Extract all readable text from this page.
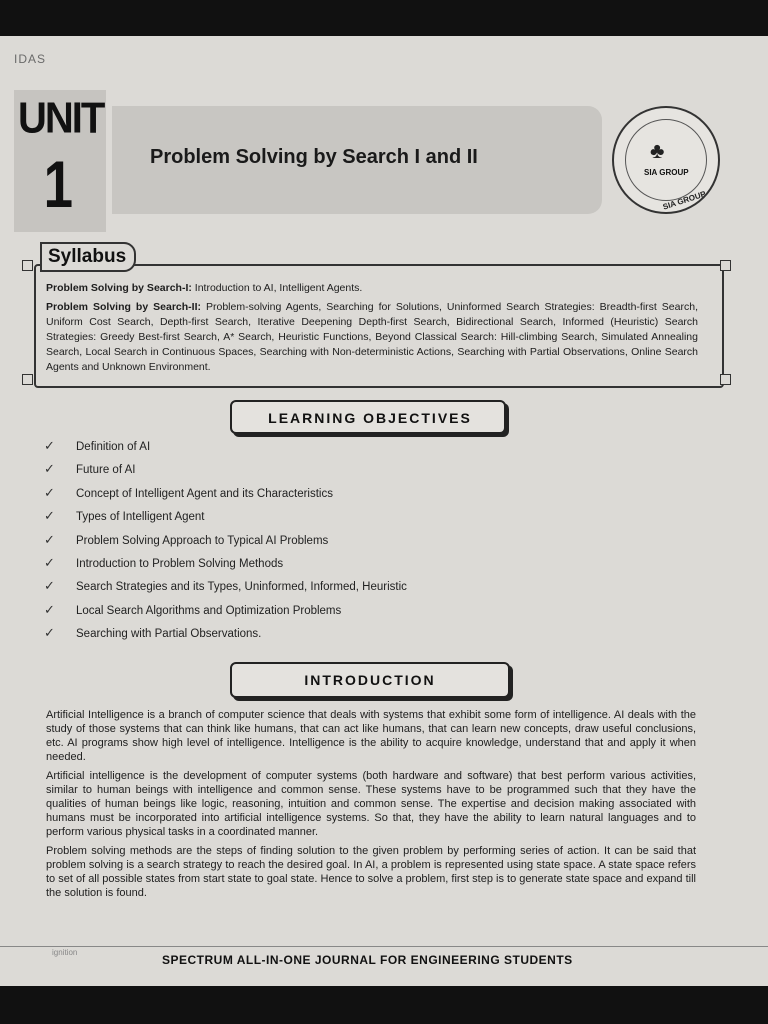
IDAS
UNIT
1	Problem Solving by Search I and II	♣
SIA GROUP
SIA GROUP
Syllabus

Problem Solving by Search-I: Introduction to AI, Intelligent Agents.

Problem Solving by Search-II: Problem-solving Agents, Searching for Solutions, Uninformed Search Strategies: Breadth-first Search, Uniform Cost Search, Depth-first Search, Iterative Deepening Depth-first Search, Bidirectional Search, Informed (Heuristic) Search Strategies: Greedy Best-first Search, A* Search, Heuristic Functions, Beyond Classical Search: Hill-climbing Search, Simulated Annealing Search, Local Search in Continuous Spaces, Searching with Non-deterministic Actions, Searching with Partial Observations, Online Search Agents and Unknown Environment.

LEARNING OBJECTIVES
✓ Definition of AI
✓ Future of AI
✓ Concept of Intelligent Agent and its Characteristics
✓ Types of Intelligent Agent
✓ Problem Solving Approach to Typical AI Problems
✓ Introduction to Problem Solving Methods
✓ Search Strategies and its Types, Uninformed, Informed, Heuristic
✓ Local Search Algorithms and Optimization Problems
✓ Searching with Partial Observations.
INTRODUCTION

Artificial Intelligence is a branch of computer science that deals with systems that exhibit some form of intelligence. AI deals with the study of those systems that can think like humans, that can act like humans, that can learn new concepts, draw useful conclusions, etc. AI programs show high level of intelligence. Intelligence is the ability to acquire knowledge, understand that and apply it when needed.

Artificial intelligence is the development of computer systems (both hardware and software) that best perform various activities, similar to human beings with intelligence and common sense. These systems have to be programmed such that they have the qualities of human beings like logic, reasoning, intuition and common sense. The expertise and decision making associated with humans must be incorporated into artificial intelligence systems. So that, they have the ability to learn natural languages and to perform various physical tasks in a coordinated manner.

Problem solving methods are the steps of finding solution to the given problem by performing series of action. It can be said that problem solving is a search strategy to reach the desired goal. In AI, a problem is represented using state space. A state space refers to set of all possible states from start state to goal state. Hence to solve a problem, first step is to generate state space and expand till the solution is found.

ignition
SPECTRUM ALL-IN-ONE JOURNAL FOR ENGINEERING STUDENTS
